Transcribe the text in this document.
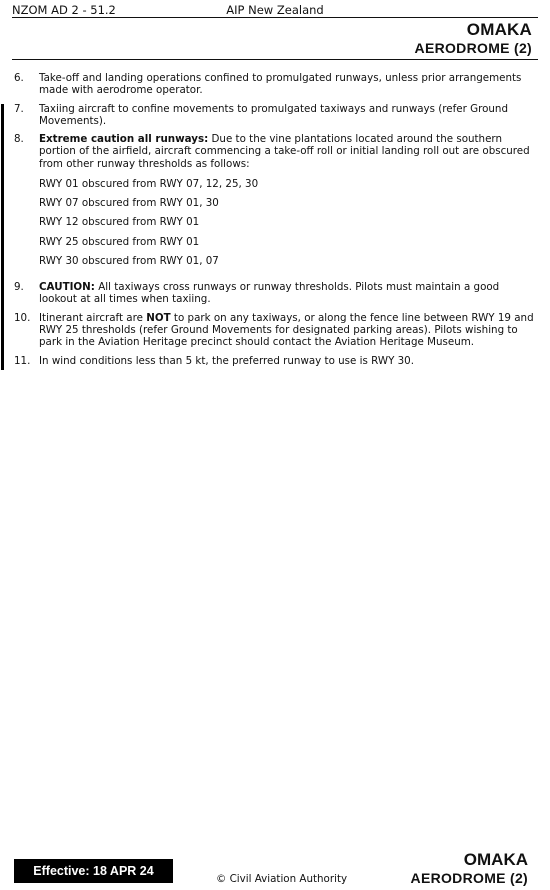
NZOM AD 2 - 51.2	AIP New Zealand
OMAKA
AERODROME (2)
6.	Take-off and landing operations confined to promulgated runways, unless prior arrangements made with aerodrome operator.
7.	Taxiing aircraft to confine movements to promulgated taxiways and runways (refer Ground Movements).
8.	Extreme caution all runways: Due to the vine plantations located around the southern portion of the airfield, aircraft commencing a take-off roll or initial landing roll out are obscured from other runway thresholds as follows:
RWY 01 obscured from RWY 07, 12, 25, 30
RWY 07 obscured from RWY 01, 30
RWY 12 obscured from RWY 01
RWY 25 obscured from RWY 01
RWY 30 obscured from RWY 01, 07
9.	CAUTION: All taxiways cross runways or runway thresholds. Pilots must maintain a good lookout at all times when taxiing.
10. Itinerant aircraft are NOT to park on any taxiways, or along the fence line between RWY 19 and RWY 25 thresholds (refer Ground Movements for designated parking areas). Pilots wishing to park in the Aviation Heritage precinct should contact the Aviation Heritage Museum.
11. In wind conditions less than 5 kt, the preferred runway to use is RWY 30.
Effective: 18 APR 24
© Civil Aviation Authority
OMAKA
AERODROME (2)
